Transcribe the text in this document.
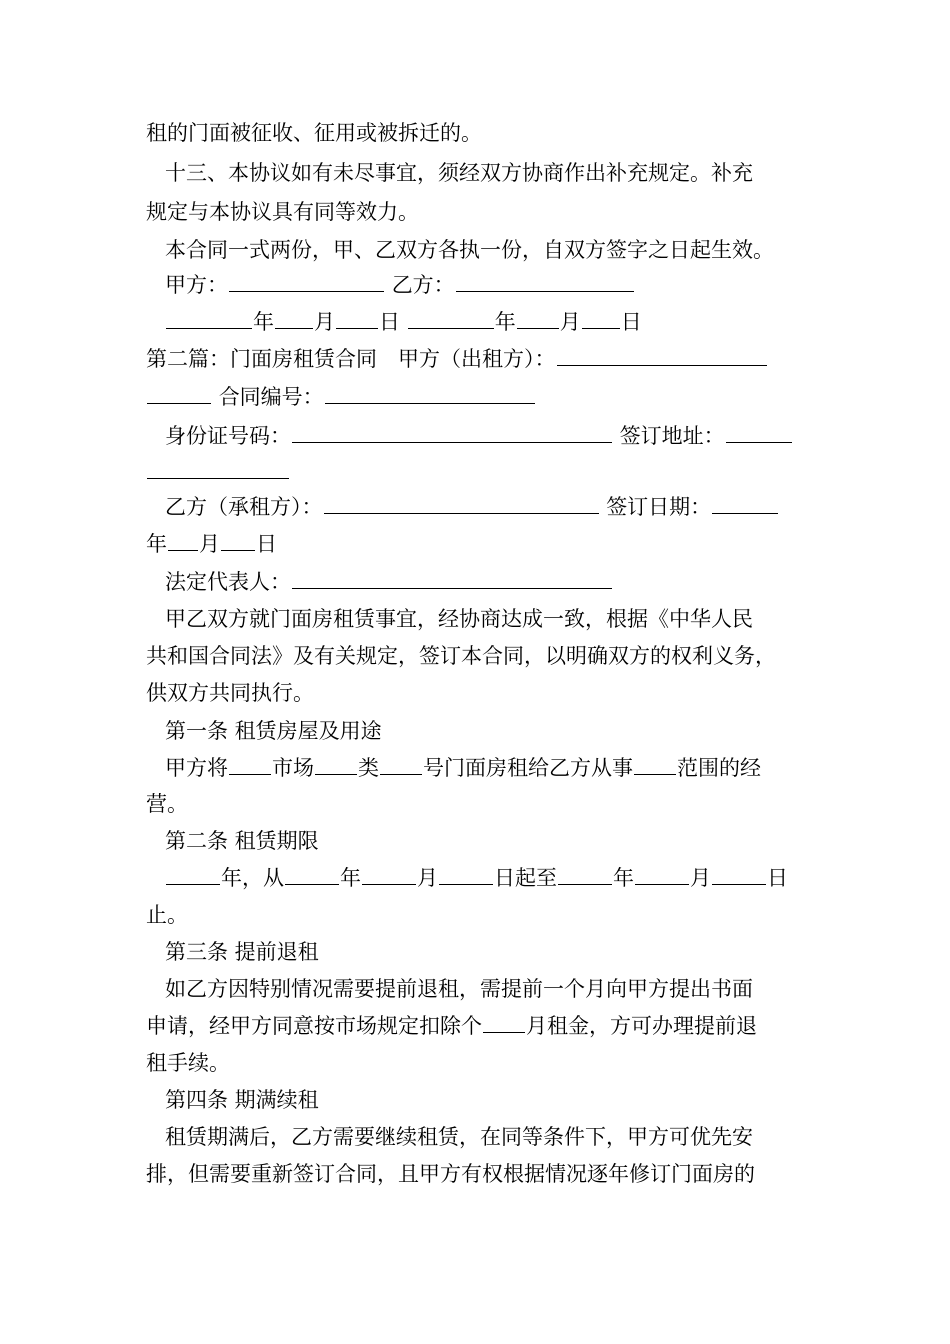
租的门面被征收、征用或被拆迁的。
十三、本协议如有未尽事宜，须经双方协商作出补充规定。补充
规定与本协议具有同等效力。
本合同一式两份，甲、乙双方各执一份，自双方签字之日起生效。
甲方：	乙方：
年 月 日	年 月 日
第二篇：门面房租赁合同　甲方（出租方）：
合同编号：
身份证号码：	签订地址：
乙方（承租方）：	签订日期：
年 月 日
法定代表人：
甲乙双方就门面房租赁事宜，经协商达成一致，根据《中华人民
共和国合同法》及有关规定，签订本合同，以明确双方的权利义务，
供双方共同执行。
第一条 租赁房屋及用途
甲方将 市场 类 号门面房租给乙方从事 范围的经
营。
第二条 租赁期限
年，从	年	月	日起至	年	月	日
止。
第三条 提前退租
如乙方因特别情况需要提前退租，需提前一个月向甲方提出书面
申请，经甲方同意按市场规定扣除个 月租金，方可办理提前退
租手续。
第四条 期满续租
租赁期满后，乙方需要继续租赁，在同等条件下，甲方可优先安
排，但需要重新签订合同，且甲方有权根据情况逐年修订门面房的
